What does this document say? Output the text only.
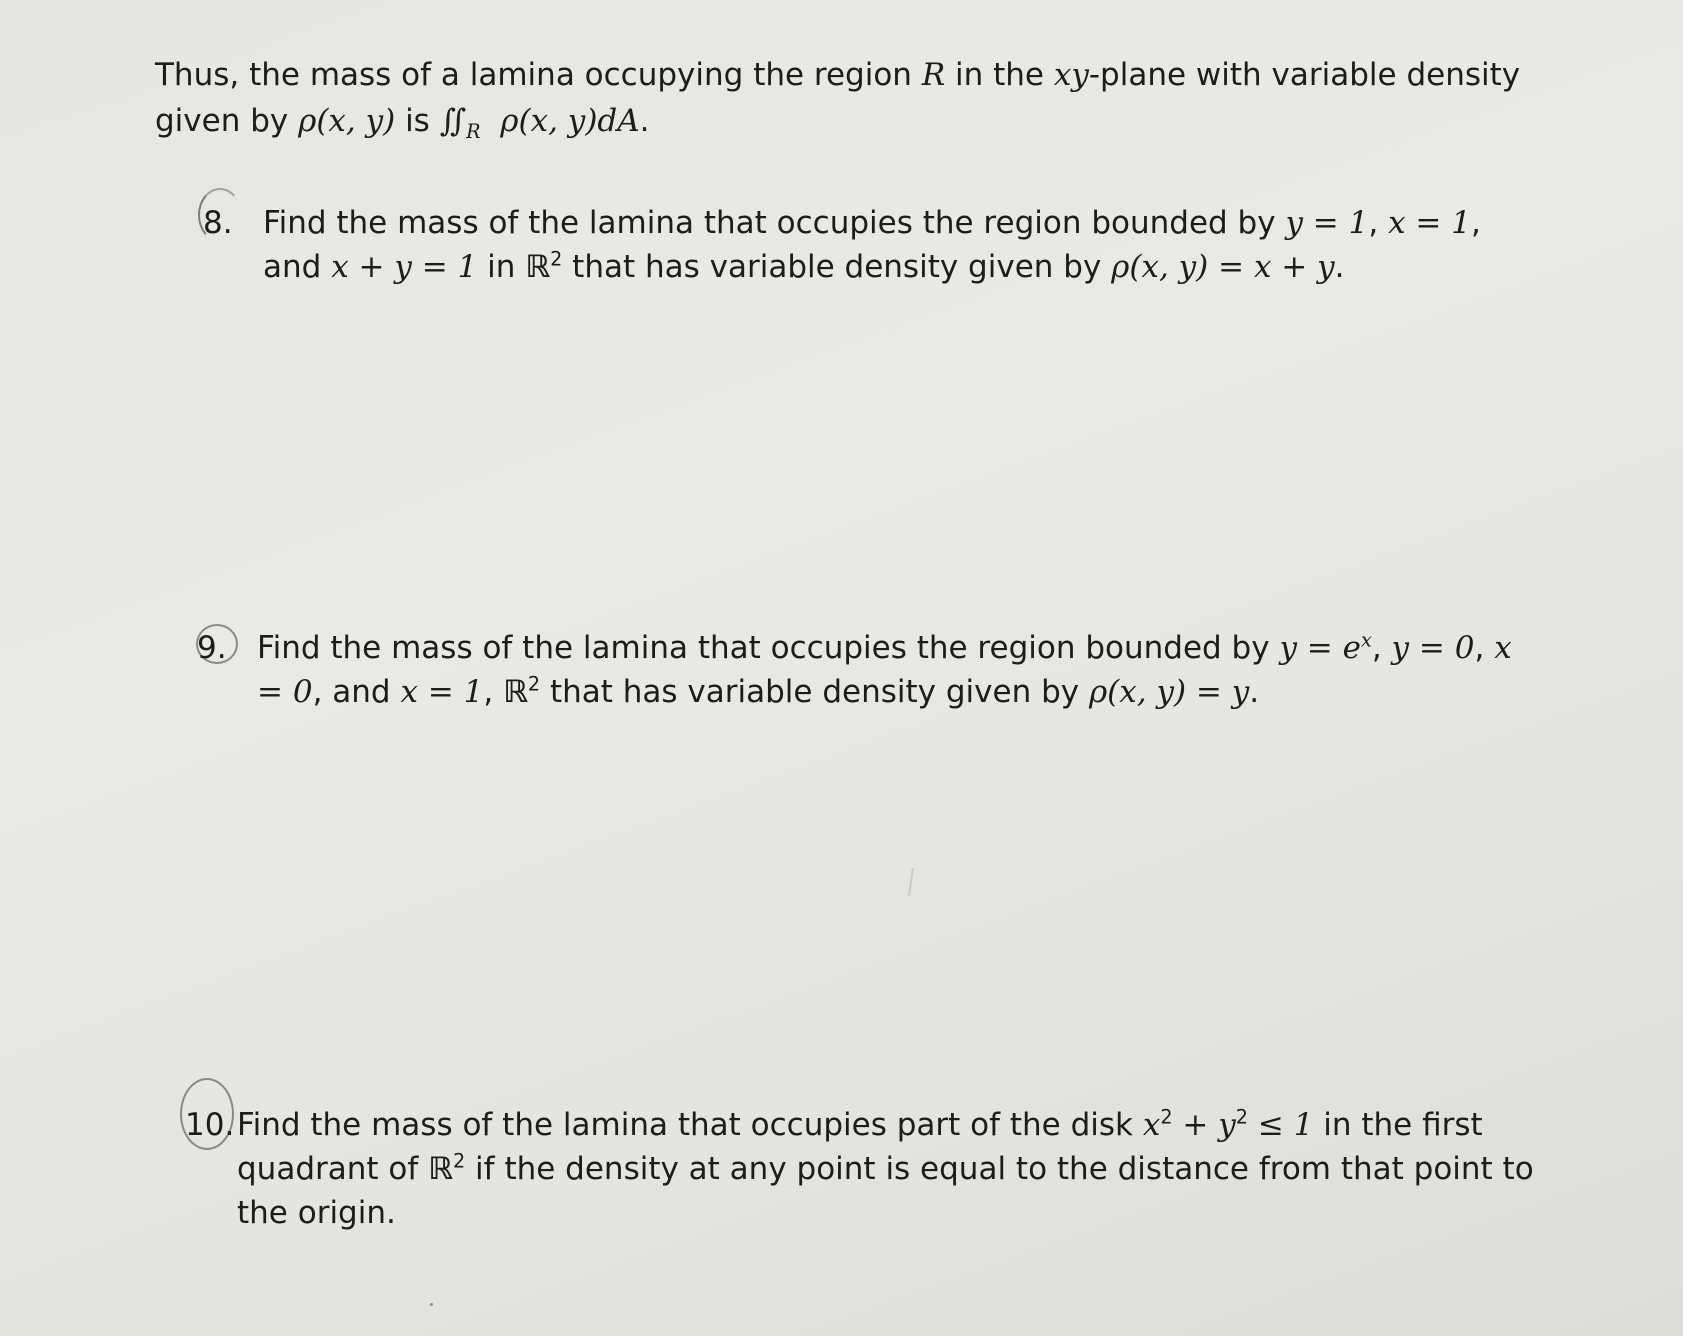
Thus, the mass of a lamina occupying the region R in the xy-plane with variable density given by ρ(x, y) is $∬_R$ ρ(x, y)dA.

8. Find the mass of the lamina that occupies the region bounded by y = 1, x = 1, and x + y = 1 in ℝ$^2$ that has variable density given by ρ(x, y) = x + y.

9. Find the mass of the lamina that occupies the region bounded by $y = e^x$, y = 0, x = 0, and x = 1, ℝ$^2$ that has variable density given by ρ(x, y) = y.

10. Find the mass of the lamina that occupies part of the disk $x^2 + y^2 \le 1$ in the first quadrant of ℝ$^2$ if the density at any point is equal to the distance from that point to the origin.
